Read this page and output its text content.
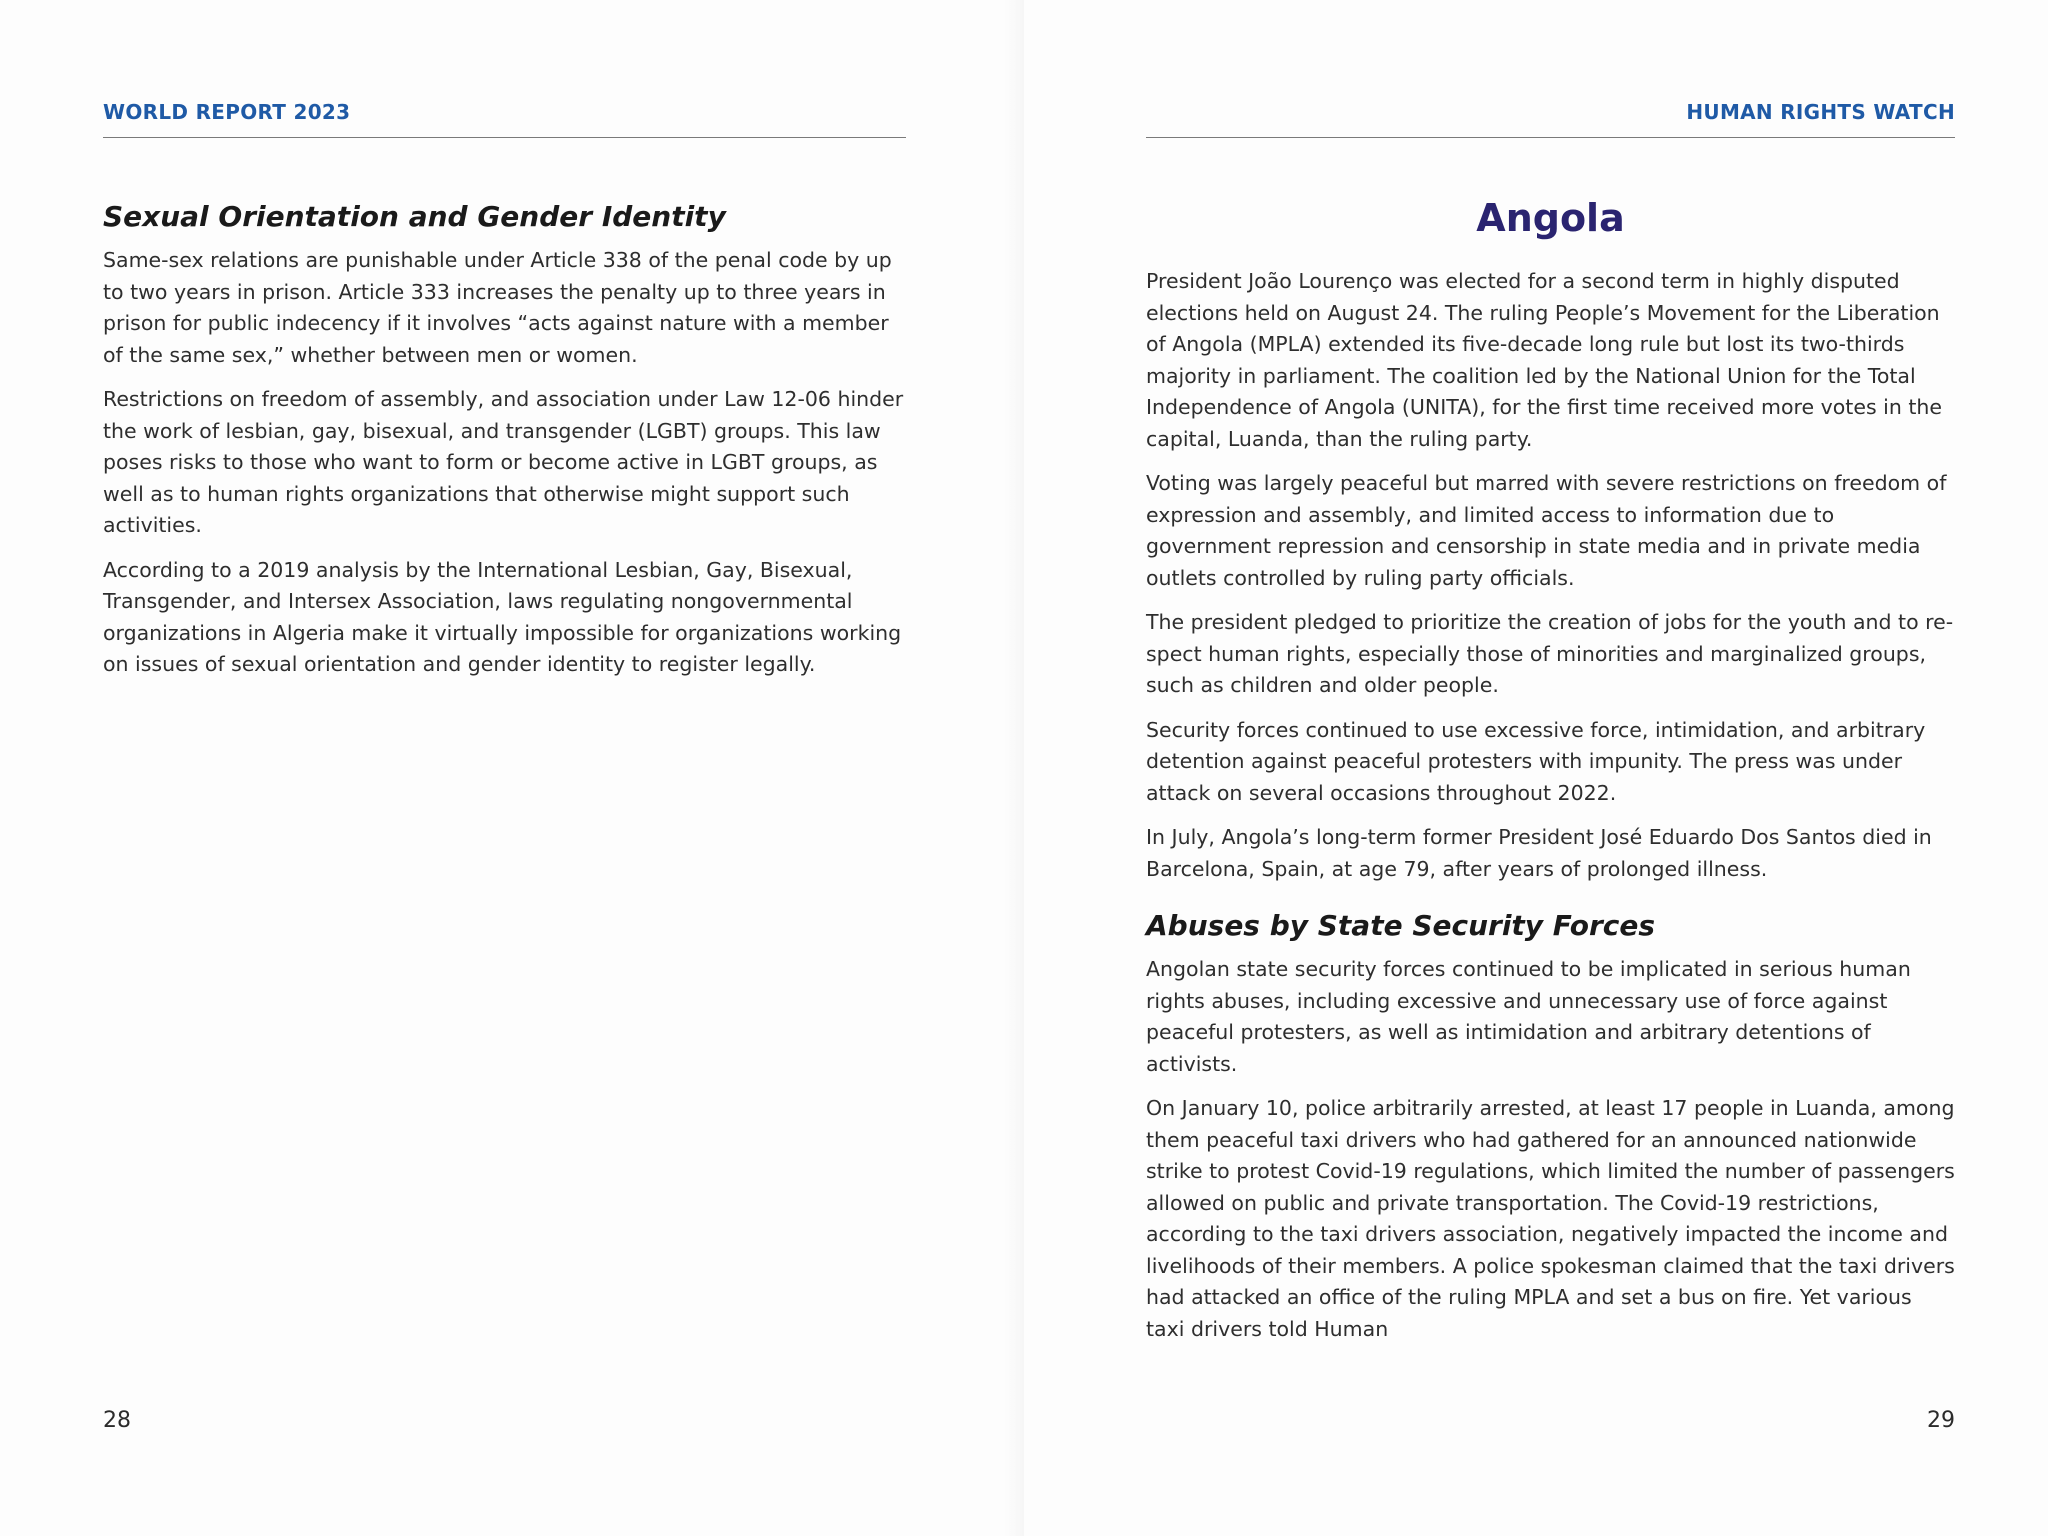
WORLD REPORT 2023
Sexual Orientation and Gender Identity

Same-sex relations are punishable under Article 338 of the penal code by up to two years in prison. Article 333 increases the penalty up to three years in prison for public indecency if it involves “acts against nature with a member of the same sex,” whether between men or women.

Restrictions on freedom of assembly, and association under Law 12-06 hinder the work of lesbian, gay, bisexual, and transgender (LGBT) groups. This law poses risks to those who want to form or become active in LGBT groups, as well as to human rights organizations that otherwise might support such activities.

According to a 2019 analysis by the International Lesbian, Gay, Bisexual, Transgender, and Intersex Association, laws regulating nongovernmental organizations in Algeria make it virtually impossible for organizations working on issues of sexual orientation and gender identity to register legally.

28
HUMAN RIGHTS WATCH
Angola

President João Lourenço was elected for a second term in highly disputed elections held on August 24. The ruling People’s Movement for the Liberation of Angola (MPLA) extended its five-decade long rule but lost its two-thirds majority in parliament. The coalition led by the National Union for the Total Independence of Angola (UNITA), for the first time received more votes in the capital, Luanda, than the ruling party.

Voting was largely peaceful but marred with severe restrictions on freedom of expression and assembly, and limited access to information due to government repression and censorship in state media and in private media outlets controlled by ruling party officials.

The president pledged to prioritize the creation of jobs for the youth and to respect human rights, especially those of minorities and marginalized groups, such as children and older people.

Security forces continued to use excessive force, intimidation, and arbitrary detention against peaceful protesters with impunity. The press was under attack on several occasions throughout 2022.

In July, Angola’s long-term former President José Eduardo Dos Santos died in Barcelona, Spain, at age 79, after years of prolonged illness.

Abuses by State Security Forces

Angolan state security forces continued to be implicated in serious human rights abuses, including excessive and unnecessary use of force against peaceful protesters, as well as intimidation and arbitrary detentions of activists.

On January 10, police arbitrarily arrested, at least 17 people in Luanda, among them peaceful taxi drivers who had gathered for an announced nationwide strike to protest Covid-19 regulations, which limited the number of passengers allowed on public and private transportation. The Covid-19 restrictions, according to the taxi drivers association, negatively impacted the income and livelihoods of their members. A police spokesman claimed that the taxi drivers had attacked an office of the ruling MPLA and set a bus on fire. Yet various taxi drivers told Human

29
